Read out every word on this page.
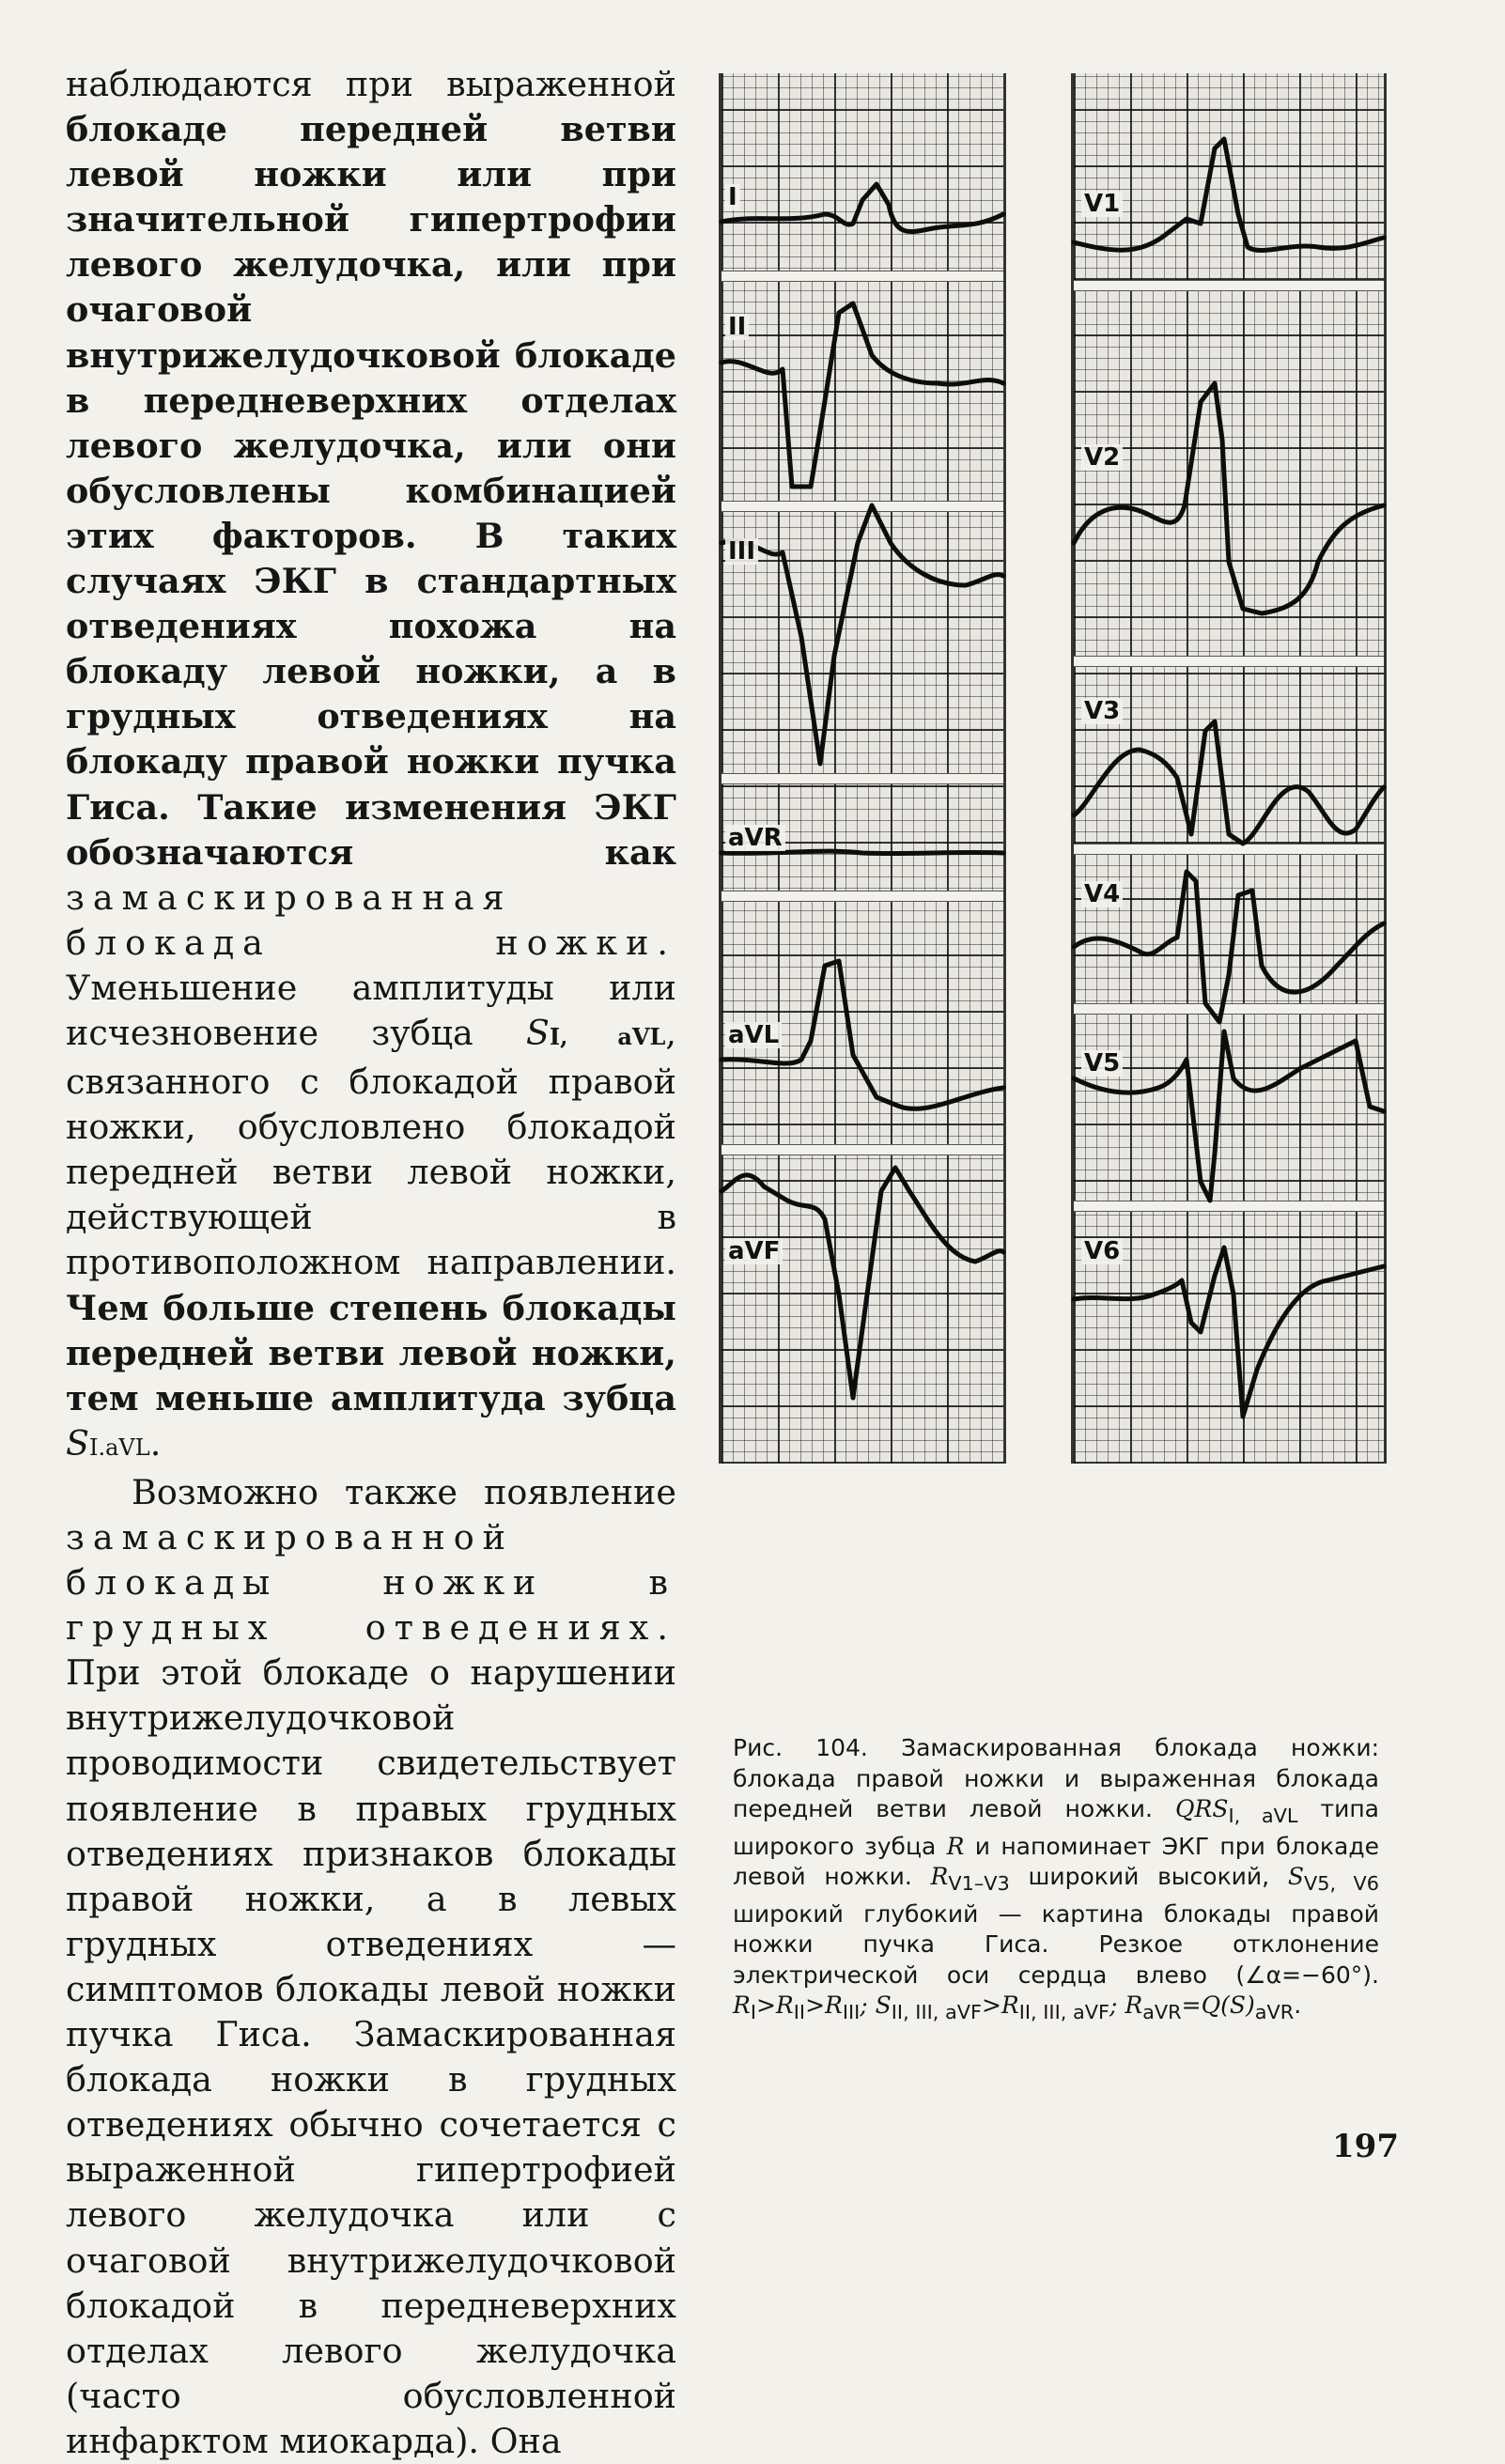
наблюдаются при выраженной блокаде передней ветви левой ножки или при значительной гипертрофии левого желудочка, или при очаговой внутрижелудочковой блокаде в передневерхних отделах левого желудочка, или они обусловлены комбинацией этих факторов. В таких случаях ЭКГ в стандартных отведениях похожа на блокаду левой ножки, а в грудных отведениях на блокаду правой ножки пучка Гиса. Такие изменения ЭКГ обозначаются как замаскированная блокада ножки. Уменьшение амплитуды или исчезновение зубца SI, aVL, связанного с блокадой правой ножки, обусловлено блокадой передней ветви левой ножки, действующей в противоположном направлении. Чем больше степень блокады передней ветви левой ножки, тем меньше амплитуда зубца SI.aVL.

Возможно также появление замаскированной блокады ножки в грудных отведениях. При этой блокаде о нарушении внутрижелудочковой проводимости свидетельствует появление в правых грудных отведениях признаков блокады правой ножки, а в левых грудных отведениях — симптомов блокады левой ножки пучка Гиса. Замаскированная блокада ножки в грудных отведениях обычно сочетается с выраженной гипертрофией левого желудочка или с очаговой внутрижелудочковой блокадой в передневерхних отделах левого желудочка (часто обусловленной инфарктом миокарда). Она

I
II
III
aVR
aVL
aVF
V1
V2
V3
V4
V5
V6
Рис. 104. Замаскированная блокада ножки: блокада правой ножки и выраженная блокада передней ветви левой ножки. $QRS_{I, aVL}$ типа широкого зубца R и напоминает ЭКГ при блокаде левой ножки. $R_{V1-V3}$ широкий высокий, $S_{V5, V6}$ широкий глубокий — картина блокады правой ножки пучка Гиса. Резкое отклонение электрической оси сердца влево (∠α=−60°). $R_I>R_{II}>R_{III}$; $S_{II, III, aVF}>R_{II, III, aVF}$; $R_{aVR}=Q(S)_{aVR}$.
197
